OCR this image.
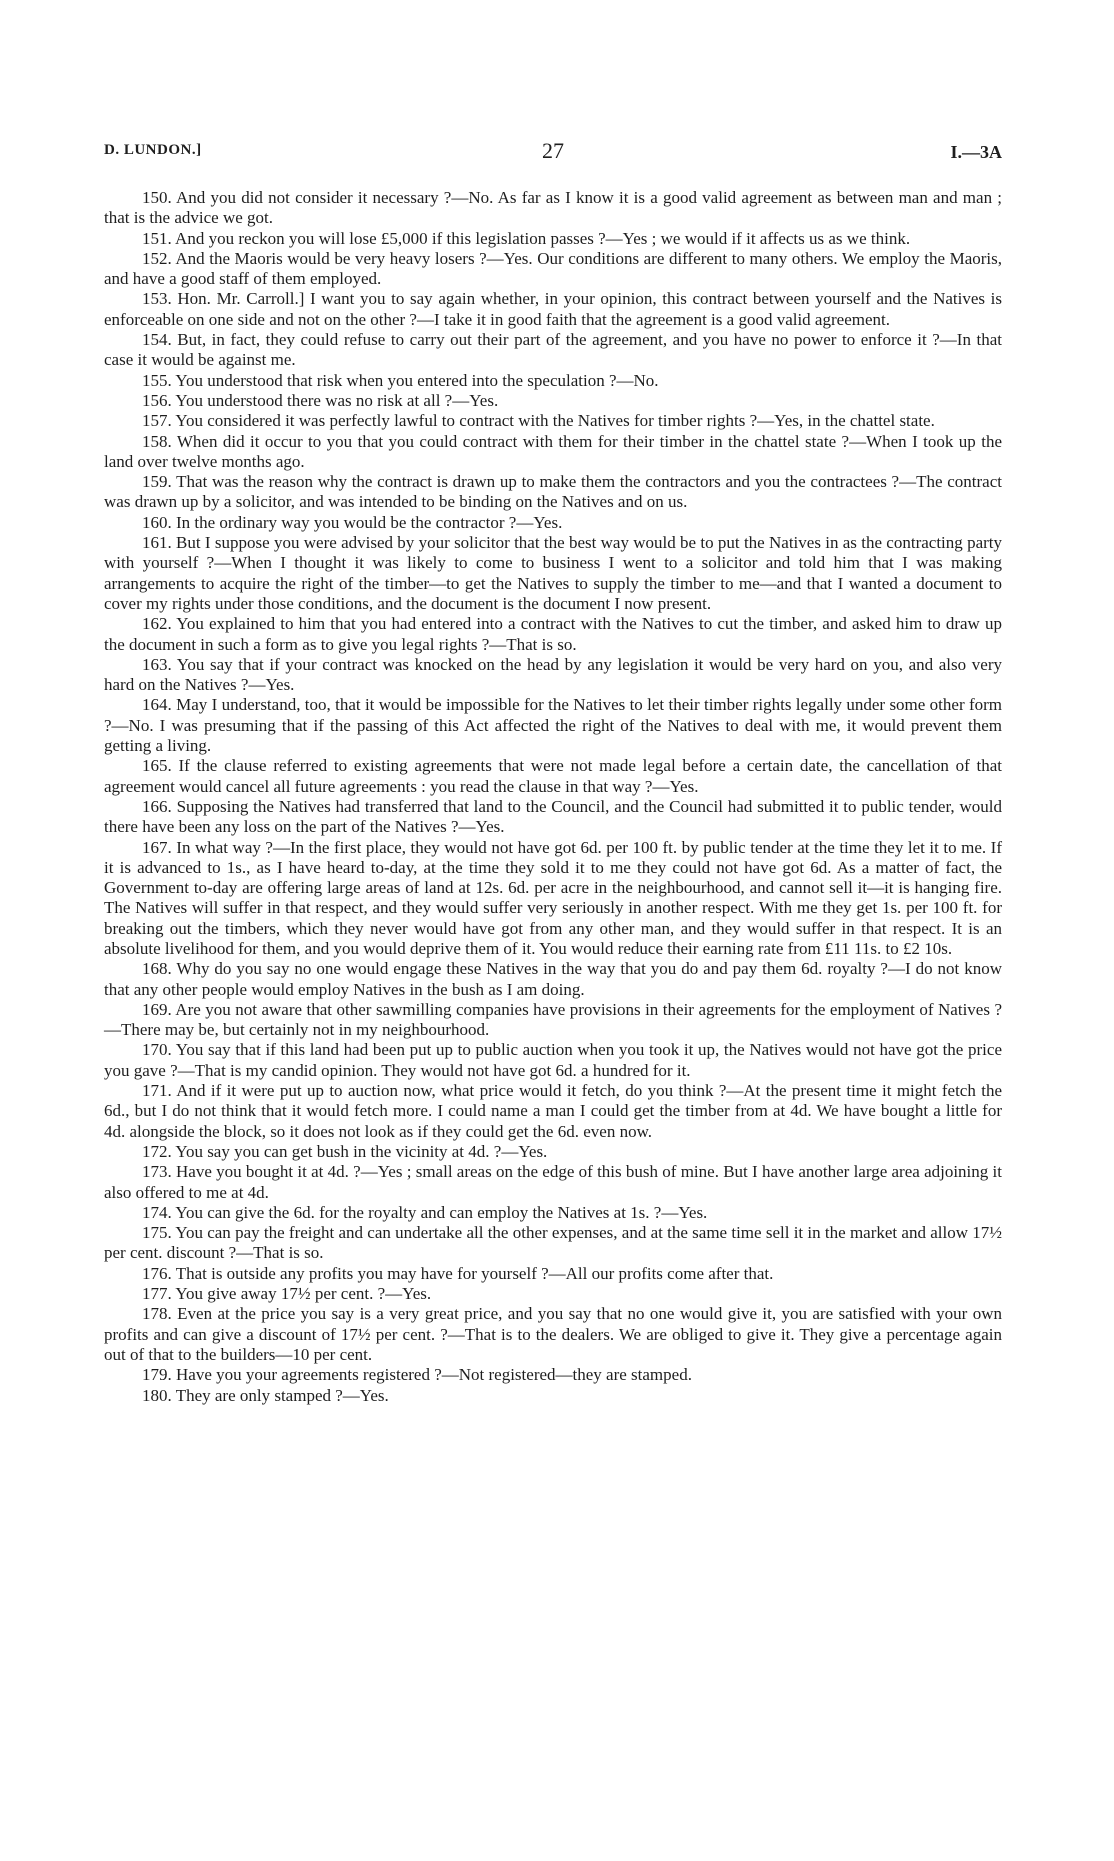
D. LUNDON.]	27	I.—3A

150. And you did not consider it necessary ?—No. As far as I know it is a good valid agreement as between man and man ; that is the advice we got.

151. And you reckon you will lose £5,000 if this legislation passes ?—Yes ; we would if it affects us as we think.

152. And the Maoris would be very heavy losers ?—Yes. Our conditions are different to many others. We employ the Maoris, and have a good staff of them employed.

153. Hon. Mr. Carroll.] I want you to say again whether, in your opinion, this contract between yourself and the Natives is enforceable on one side and not on the other ?—I take it in good faith that the agreement is a good valid agreement.

154. But, in fact, they could refuse to carry out their part of the agreement, and you have no power to enforce it ?—In that case it would be against me.

155. You understood that risk when you entered into the speculation ?—No.

156. You understood there was no risk at all ?—Yes.

157. You considered it was perfectly lawful to contract with the Natives for timber rights ?—Yes, in the chattel state.

158. When did it occur to you that you could contract with them for their timber in the chattel state ?—When I took up the land over twelve months ago.

159. That was the reason why the contract is drawn up to make them the contractors and you the contractees ?—The contract was drawn up by a solicitor, and was intended to be binding on the Natives and on us.

160. In the ordinary way you would be the contractor ?—Yes.

161. But I suppose you were advised by your solicitor that the best way would be to put the Natives in as the contracting party with yourself ?—When I thought it was likely to come to business I went to a solicitor and told him that I was making arrangements to acquire the right of the timber—to get the Natives to supply the timber to me—and that I wanted a document to cover my rights under those conditions, and the document is the document I now present.

162. You explained to him that you had entered into a contract with the Natives to cut the timber, and asked him to draw up the document in such a form as to give you legal rights ?—That is so.

163. You say that if your contract was knocked on the head by any legislation it would be very hard on you, and also very hard on the Natives ?—Yes.

164. May I understand, too, that it would be impossible for the Natives to let their timber rights legally under some other form ?—No. I was presuming that if the passing of this Act affected the right of the Natives to deal with me, it would prevent them getting a living.

165. If the clause referred to existing agreements that were not made legal before a certain date, the cancellation of that agreement would cancel all future agreements : you read the clause in that way ?—Yes.

166. Supposing the Natives had transferred that land to the Council, and the Council had submitted it to public tender, would there have been any loss on the part of the Natives ?—Yes.

167. In what way ?—In the first place, they would not have got 6d. per 100 ft. by public tender at the time they let it to me. If it is advanced to 1s., as I have heard to-day, at the time they sold it to me they could not have got 6d. As a matter of fact, the Government to-day are offering large areas of land at 12s. 6d. per acre in the neighbourhood, and cannot sell it—it is hanging fire. The Natives will suffer in that respect, and they would suffer very seriously in another respect. With me they get 1s. per 100 ft. for breaking out the timbers, which they never would have got from any other man, and they would suffer in that respect. It is an absolute livelihood for them, and you would deprive them of it. You would reduce their earning rate from £11 11s. to £2 10s.

168. Why do you say no one would engage these Natives in the way that you do and pay them 6d. royalty ?—I do not know that any other people would employ Natives in the bush as I am doing.

169. Are you not aware that other sawmilling companies have provisions in their agreements for the employment of Natives ?—There may be, but certainly not in my neighbourhood.

170. You say that if this land had been put up to public auction when you took it up, the Natives would not have got the price you gave ?—That is my candid opinion. They would not have got 6d. a hundred for it.

171. And if it were put up to auction now, what price would it fetch, do you think ?—At the present time it might fetch the 6d., but I do not think that it would fetch more. I could name a man I could get the timber from at 4d. We have bought a little for 4d. alongside the block, so it does not look as if they could get the 6d. even now.

172. You say you can get bush in the vicinity at 4d. ?—Yes.

173. Have you bought it at 4d. ?—Yes ; small areas on the edge of this bush of mine. But I have another large area adjoining it also offered to me at 4d.

174. You can give the 6d. for the royalty and can employ the Natives at 1s. ?—Yes.

175. You can pay the freight and can undertake all the other expenses, and at the same time sell it in the market and allow 17½ per cent. discount ?—That is so.

176. That is outside any profits you may have for yourself ?—All our profits come after that.

177. You give away 17½ per cent. ?—Yes.

178. Even at the price you say is a very great price, and you say that no one would give it, you are satisfied with your own profits and can give a discount of 17½ per cent. ?—That is to the dealers. We are obliged to give it. They give a percentage again out of that to the builders—10 per cent.

179. Have you your agreements registered ?—Not registered—they are stamped.

180. They are only stamped ?—Yes.
